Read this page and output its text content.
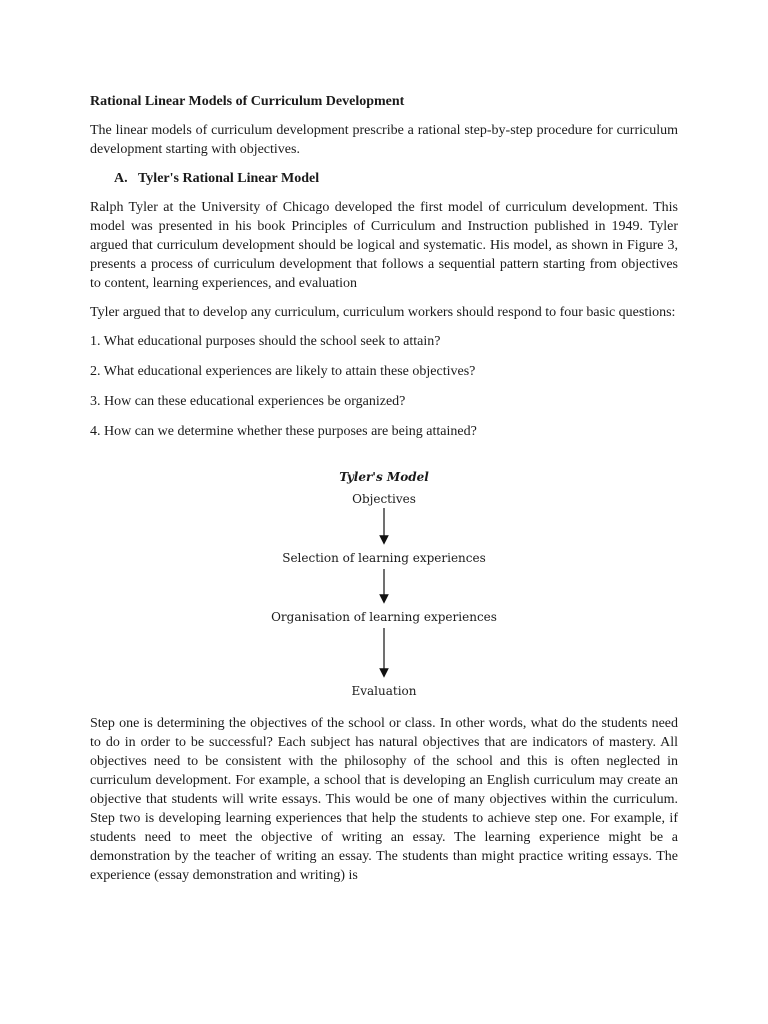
Rational Linear Models of Curriculum Development

The linear models of curriculum development prescribe a rational step-by-step procedure for curriculum development starting with objectives.

A. Tyler's Rational Linear Model

Ralph Tyler at the University of Chicago developed the first model of curriculum development. This model was presented in his book Principles of Curriculum and Instruction published in 1949. Tyler argued that curriculum development should be logical and systematic. His model, as shown in Figure 3, presents a process of curriculum development that follows a sequential pattern starting from objectives to content, learning experiences, and evaluation

Tyler argued that to develop any curriculum, curriculum workers should respond to four basic questions:

1. What educational purposes should the school seek to attain?

2. What educational experiences are likely to attain these objectives?

3. How can these educational experiences be organized?

4. How can we determine whether these purposes are being attained?

Tyler's Model
Objectives
Selection of learning experiences
Organisation of learning experiences
Evaluation

Step one is determining the objectives of the school or class. In other words, what do the students need to do in order to be successful? Each subject has natural objectives that are indicators of mastery. All objectives need to be consistent with the philosophy of the school and this is often neglected in curriculum development. For example, a school that is developing an English curriculum may create an objective that students will write essays. This would be one of many objectives within the curriculum. Step two is developing learning experiences that help the students to achieve step one. For example, if students need to meet the objective of writing an essay. The learning experience might be a demonstration by the teacher of writing an essay. The students than might practice writing essays. The experience (essay demonstration and writing) is
